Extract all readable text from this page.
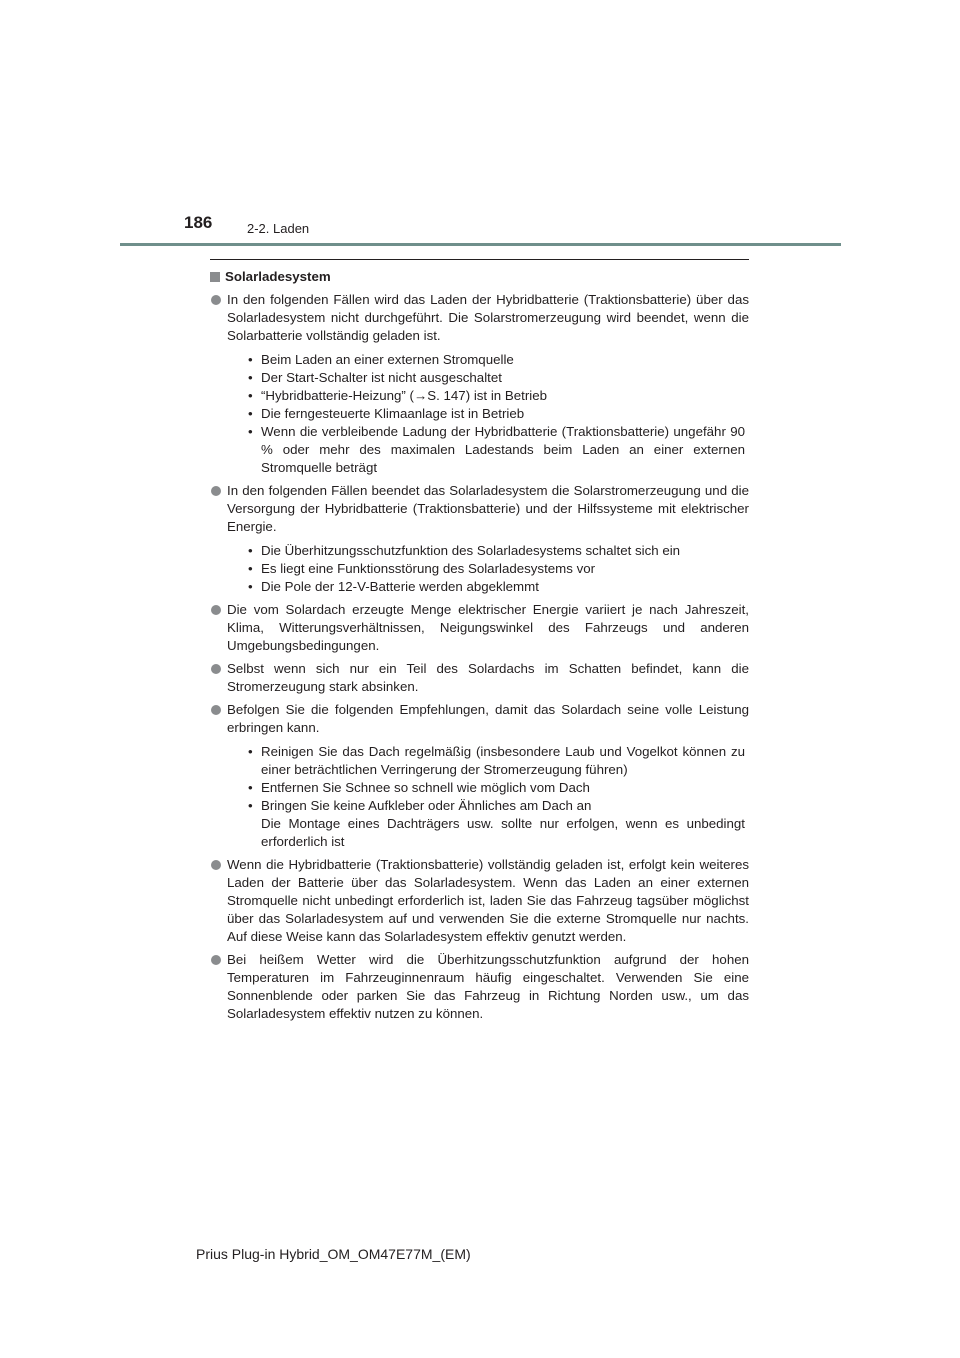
186	2-2. Laden
Solarladesystem
In den folgenden Fällen wird das Laden der Hybridbatterie (Traktionsbatterie) über das Solarladesystem nicht durchgeführt. Die Solarstromerzeugung wird beendet, wenn die Solarbatterie vollständig geladen ist.
• Beim Laden an einer externen Stromquelle
• Der Start-Schalter ist nicht ausgeschaltet
• “Hybridbatterie-Heizung” (→S. 147) ist in Betrieb
• Die ferngesteuerte Klimaanlage ist in Betrieb
• Wenn die verbleibende Ladung der Hybridbatterie (Traktionsbatterie) ungefähr 90 % oder mehr des maximalen Ladestands beim Laden an einer externen Stromquelle beträgt
In den folgenden Fällen beendet das Solarladesystem die Solarstromerzeugung und die Versorgung der Hybridbatterie (Traktionsbatterie) und der Hilfssysteme mit elektrischer Energie.
• Die Überhitzungsschutzfunktion des Solarladesystems schaltet sich ein
• Es liegt eine Funktionsstörung des Solarladesystems vor
• Die Pole der 12-V-Batterie werden abgeklemmt
Die vom Solardach erzeugte Menge elektrischer Energie variiert je nach Jahreszeit, Klima, Witterungsverhältnissen, Neigungswinkel des Fahrzeugs und anderen Umgebungsbedingungen.
Selbst wenn sich nur ein Teil des Solardachs im Schatten befindet, kann die Stromerzeugung stark absinken.
Befolgen Sie die folgenden Empfehlungen, damit das Solardach seine volle Leistung erbringen kann.
• Reinigen Sie das Dach regelmäßig (insbesondere Laub und Vogelkot können zu einer beträchtlichen Verringerung der Stromerzeugung führen)
• Entfernen Sie Schnee so schnell wie möglich vom Dach
• Bringen Sie keine Aufkleber oder Ähnliches am Dach an
Die Montage eines Dachträgers usw. sollte nur erfolgen, wenn es unbedingt erforderlich ist
Wenn die Hybridbatterie (Traktionsbatterie) vollständig geladen ist, erfolgt kein weiteres Laden der Batterie über das Solarladesystem. Wenn das Laden an einer externen Stromquelle nicht unbedingt erforderlich ist, laden Sie das Fahrzeug tagsüber möglichst über das Solarladesystem auf und verwenden Sie die externe Stromquelle nur nachts. Auf diese Weise kann das Solarladesystem effektiv genutzt werden.
Bei heißem Wetter wird die Überhitzungsschutzfunktion aufgrund der hohen Temperaturen im Fahrzeuginnenraum häufig eingeschaltet. Verwenden Sie eine Sonnenblende oder parken Sie das Fahrzeug in Richtung Norden usw., um das Solarladesystem effektiv nutzen zu können.
Prius Plug-in Hybrid_OM_OM47E77M_(EM)
